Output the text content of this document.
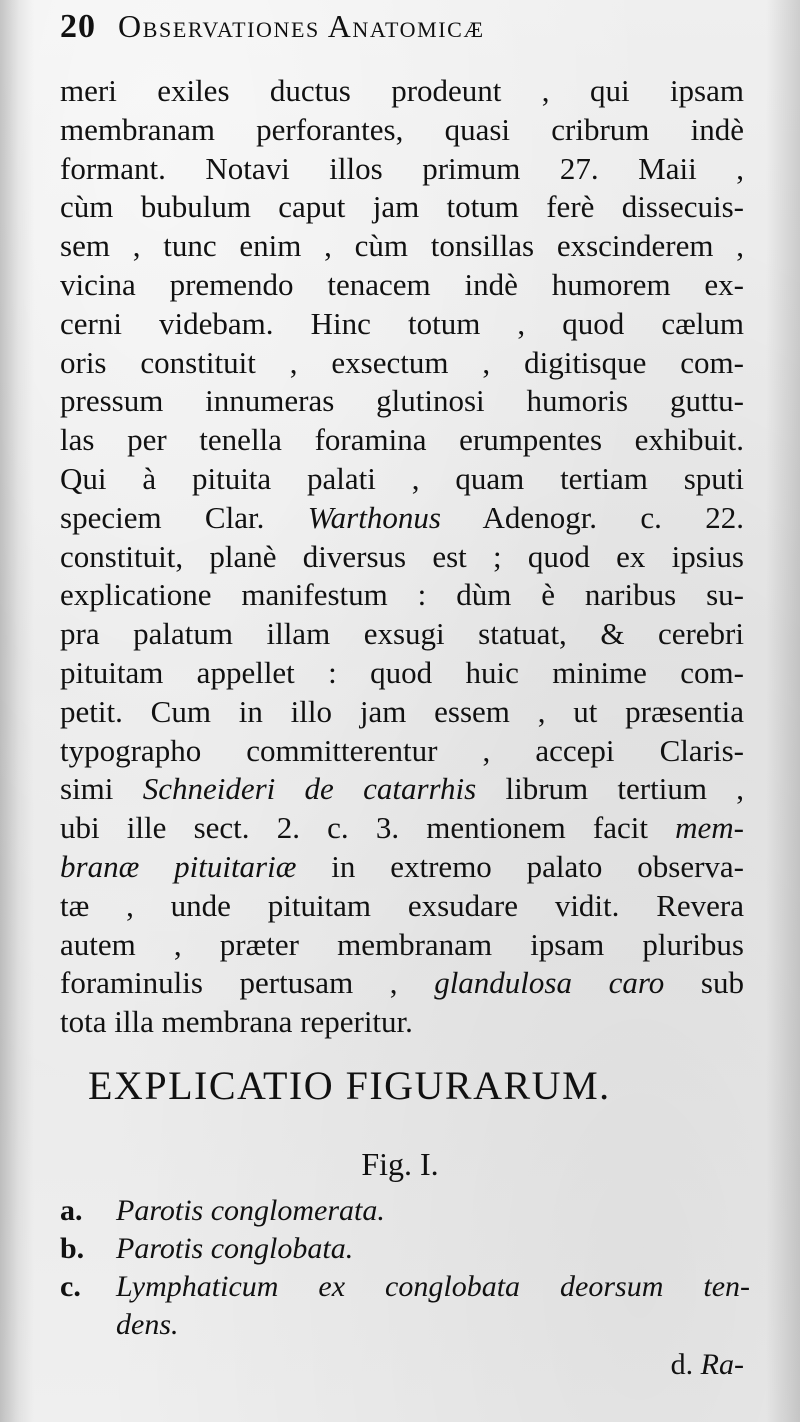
20 Observationes Anatomicæ
meri exiles ductus prodeunt , qui ipsam
membranam perforantes, quasi cribrum indè
formant. Notavi illos primum 27. Maii ,
cùm bubulum caput jam totum ferè dissecuis-
sem , tunc enim , cùm tonsillas exscinderem ,
vicina premendo tenacem indè humorem ex-
cerni videbam. Hinc totum , quod cælum
oris constituit , exsectum , digitisque com-
pressum innumeras glutinosi humoris guttu-
las per tenella foramina erumpentes exhibuit.
Qui à pituita palati , quam tertiam sputi
speciem Clar. Warthonus Adenogr. c. 22.
constituit, planè diversus est ; quod ex ipsius
explicatione manifestum : dùm è naribus su-
pra palatum illam exsugi statuat, & cerebri
pituitam appellet : quod huic minime com-
petit. Cum in illo jam essem , ut præsentia
typographo committerentur , accepi Claris-
simi Schneideri de catarrhis librum tertium ,
ubi ille sect. 2. c. 3. mentionem facit mem-
branæ pituitariæ in extremo palato observa-
tæ , unde pituitam exsudare vidit. Revera
autem , præter membranam ipsam pluribus
foraminulis pertusam , glandulosa caro sub
tota illa membrana reperitur.
EXPLICATIO FIGURARUM.
Fig. I.
a.	Parotis conglomerata.
b.	Parotis conglobata.
c.	Lymphaticum ex conglobata deorsum ten-
dens.
d. Ra-
